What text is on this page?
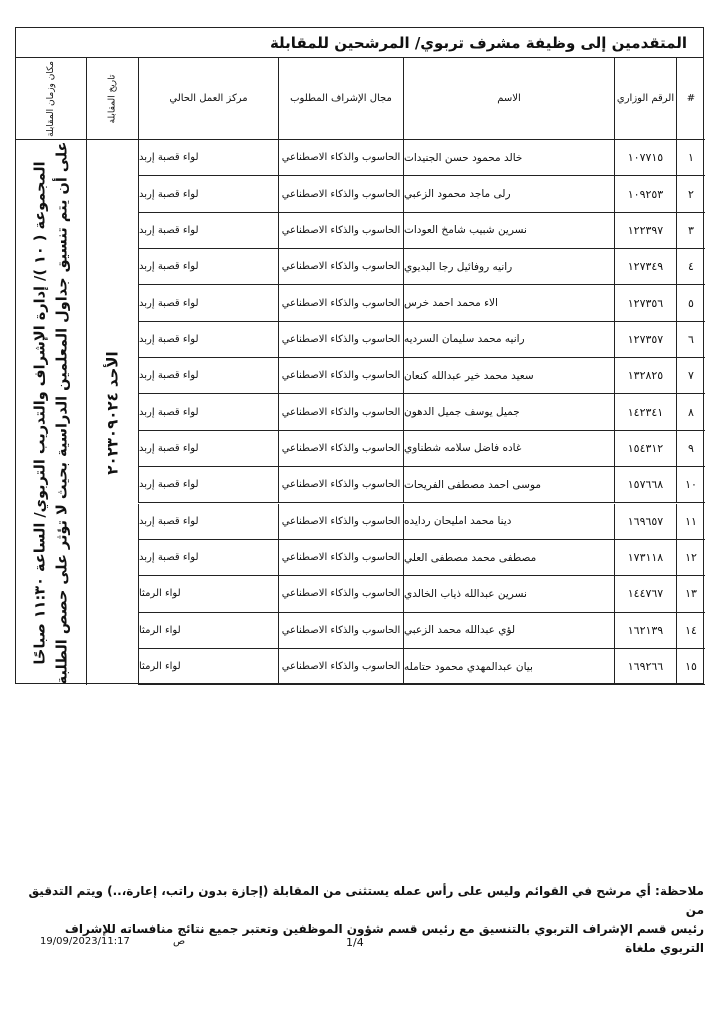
المتقدمين إلى وظيفة مشرف تربوي/ المرشحين للمقابلة
#
الرقم الوزاري
الاسم
مجال الإشراف المطلوب
مركز العمل الحالي
تاريخ المقابلة
مكان وزمان المقابلة
١
١٠٧٧١٥
خالد محمود حسن الجنيدات
الحاسوب والذكاء الاصطناعي
لواء قصبة إربد
٢
١٠٩٢٥٣
رلى ماجد محمود الزعبي
الحاسوب والذكاء الاصطناعي
لواء قصبة إربد
٣
١٢٢٣٩٧
نسرين شبيب شامخ العودات
الحاسوب والذكاء الاصطناعي
لواء قصبة إربد
٤
١٢٧٣٤٩
رانيه روفائيل رجا البديوي
الحاسوب والذكاء الاصطناعي
لواء قصبة إربد
٥
١٢٧٣٥٦
الاء محمد احمد خرس
الحاسوب والذكاء الاصطناعي
لواء قصبة إربد
٦
١٢٧٣٥٧
رانيه محمد سليمان السرديه
الحاسوب والذكاء الاصطناعي
لواء قصبة إربد
٧
١٣٢٨٢٥
سعيد محمد خير عبدالله كنعان
الحاسوب والذكاء الاصطناعي
لواء قصبة إربد
٨
١٤٢٣٤١
جميل يوسف جميل الدهون
الحاسوب والذكاء الاصطناعي
لواء قصبة إربد
٩
١٥٤٣١٢
غاده فاضل سلامه شطناوي
الحاسوب والذكاء الاصطناعي
لواء قصبة إربد
١٠
١٥٧٦٦٨
موسى احمد مصطفى الفريحات
الحاسوب والذكاء الاصطناعي
لواء قصبة إربد
١١
١٦٩٦٥٧
دينا محمد امليحان ردايده
الحاسوب والذكاء الاصطناعي
لواء قصبة إربد
١٢
١٧٣١١٨
مصطفى محمد مصطفى العلي
الحاسوب والذكاء الاصطناعي
لواء قصبة إربد
١٣
١٤٤٧٦٧
نسرين عبدالله ذياب الخالدي
الحاسوب والذكاء الاصطناعي
لواء الرمثا
١٤
١٦٢١٣٩
لؤي عبدالله محمد الزعبي
الحاسوب والذكاء الاصطناعي
لواء الرمثا
١٥
١٦٩٢٦٦
بيان عبدالمهدي محمود حتامله
الحاسوب والذكاء الاصطناعي
لواء الرمثا
الأحد ٢٠٢٣٠٩٠٢٤
المجموعة ( ١٠ )/ إدارة الإشراف والتدريب التربوي/ الساعة ١١:٣٠ صباحًا على أن يتم تنسيق جداول المعلمين الدراسية بحيث لا تؤثر على حصص الطلبة

ملاحظة: أي مرشح في القوائم وليس على رأس عمله يستثنى من المقابلة (إجازة بدون راتب، إعارة،..) ويتم التدقيق من

رئيس قسم الإشراف التربوي بالتنسيق مع رئيس قسم شؤون الموظفين وتعتبر جميع نتائج منافساته للإشراف التربوي ملغاة

19/09/2023/11:17	ص	1/4
